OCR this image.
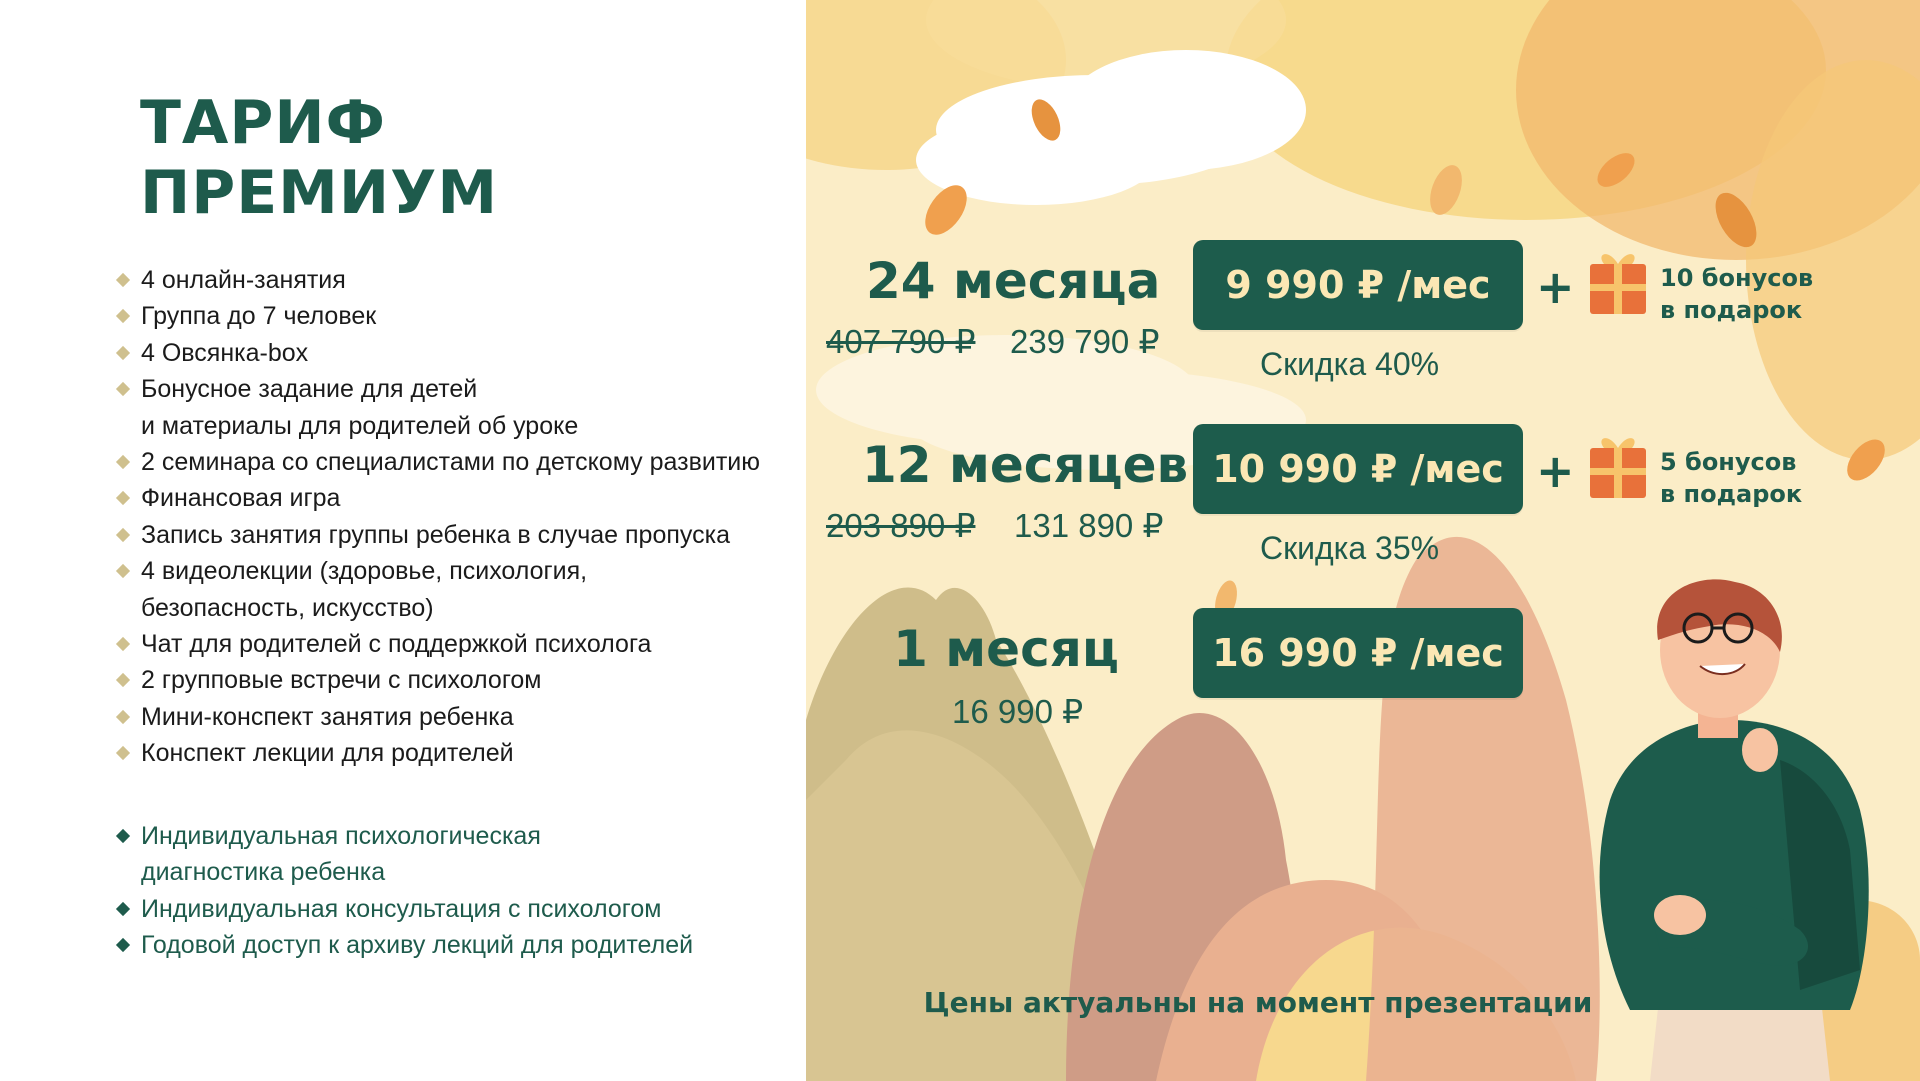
ТАРИФ
ПРЕМИУМ
4 онлайн-занятия
Группа до 7 человек
4 Овсянка-box
Бонусное задание для детей
и материалы для родителей об уроке
2 семинара со специалистами по детскому развитию
Финансовая игра
Запись занятия группы ребенка в случае пропуска
4 видеолекции (здоровье, психология,
безопасность, искусство)
Чат для родителей с поддержкой психолога
2 групповые встречи с психологом
Мини-конспект занятия ребенка
Конспект лекции для родителей
Индивидуальная психологическая
диагностика ребенка
Индивидуальная консультация с психологом
Годовой доступ к архиву лекций для родителей
24 месяца
407 790 ₽ 239 790 ₽
9 990 ₽ /мес
Скидка 40%
+	10 бонусов
в подарок
12 месяцев
203 890 ₽ 131 890 ₽
10 990 ₽ /мес
Скидка 35%
+	5 бонусов
в подарок
1 месяц
16 990 ₽
16 990 ₽ /мес
Цены актуальны на момент презентации
